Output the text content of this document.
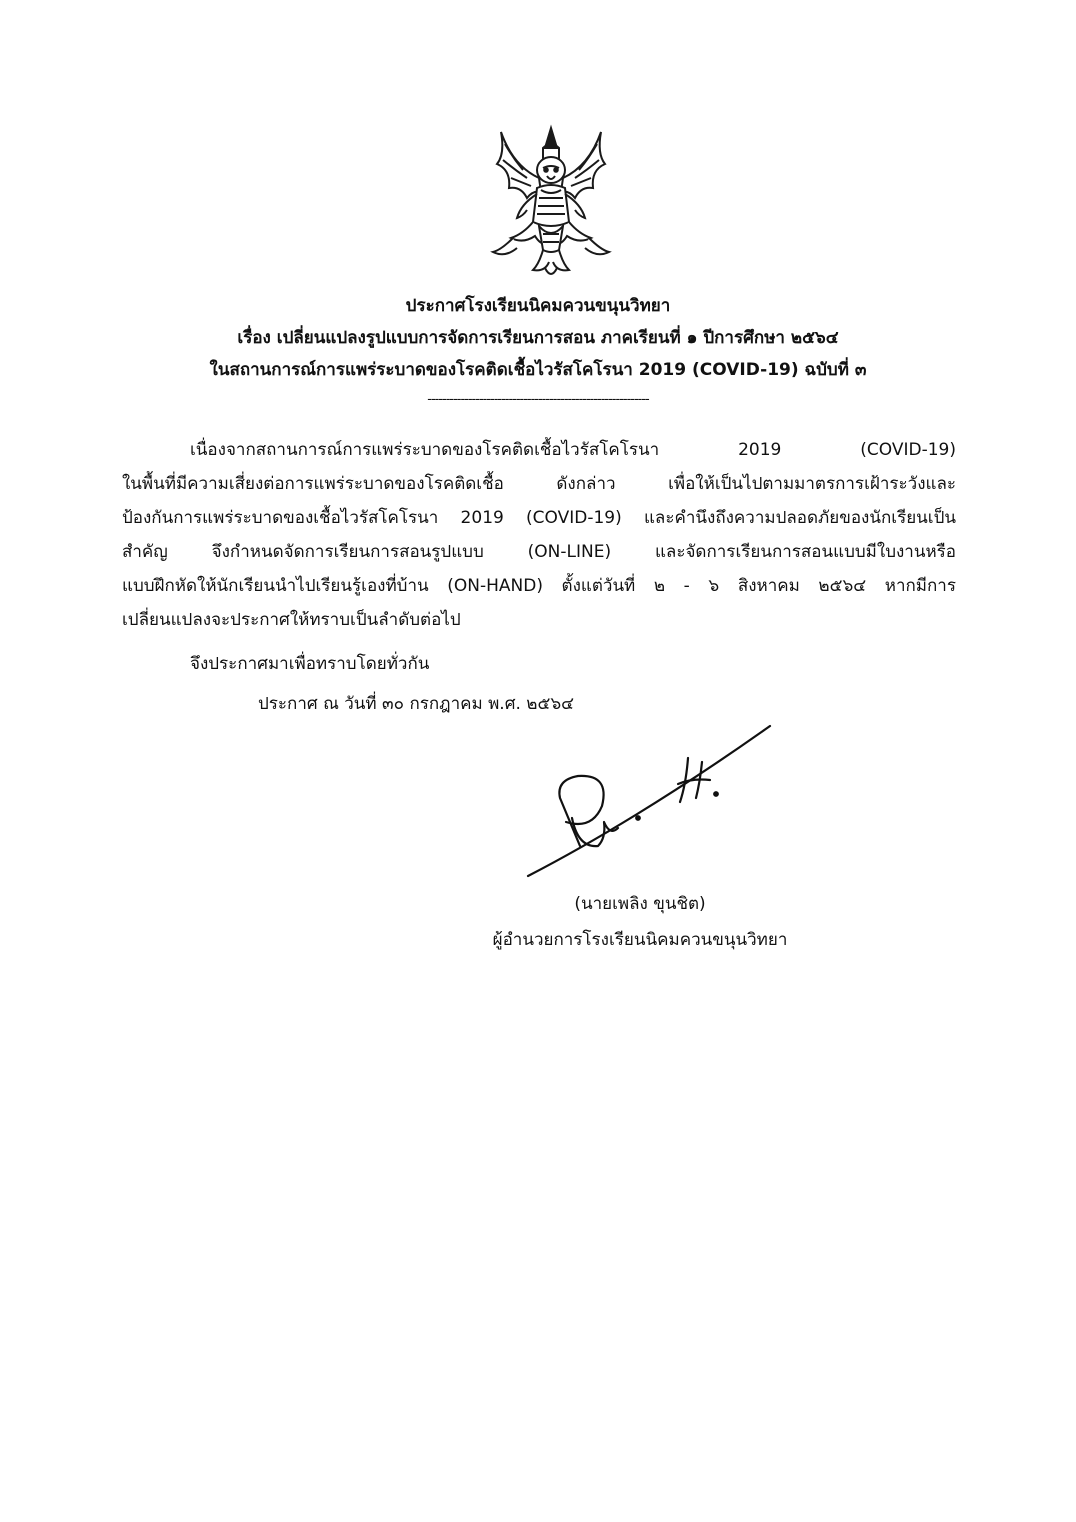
ประกาศโรงเรียนนิคมควนขนุนวิทยา
เรื่อง เปลี่ยนแปลงรูปแบบการจัดการเรียนการสอน ภาคเรียนที่ ๑ ปีการศึกษา ๒๕๖๔
ในสถานการณ์การแพร่ระบาดของโรคติดเชื้อไวรัสโคโรนา 2019 (COVID-19) ฉบับที่ ๓
------------------------------------------------------------
เนื่องจากสถานการณ์การแพร่ระบาดของโรคติดเชื้อไวรัสโคโรนา 2019 (COVID-19)
ในพื้นที่มีความเสี่ยงต่อการแพร่ระบาดของโรคติดเชื้อ ดังกล่าว เพื่อให้เป็นไปตามมาตรการเฝ้าระวังและ
ป้องกันการแพร่ระบาดของเชื้อไวรัสโคโรนา 2019 (COVID-19) และคำนึงถึงความปลอดภัยของนักเรียนเป็น
สำคัญ จึงกำหนดจัดการเรียนการสอนรูปแบบ (ON-LINE) และจัดการเรียนการสอนแบบมีใบงานหรือ
แบบฝึกหัดให้นักเรียนนำไปเรียนรู้เองที่บ้าน (ON-HAND) ตั้งแต่วันที่ ๒ - ๖ สิงหาคม ๒๕๖๔ หากมีการ
เปลี่ยนแปลงจะประกาศให้ทราบเป็นลำดับต่อไป
จึงประกาศมาเพื่อทราบโดยทั่วกัน
ประกาศ ณ วันที่ ๓๐ กรกฎาคม พ.ศ. ๒๕๖๔
(นายเพลิง ขุนชิต)
ผู้อำนวยการโรงเรียนนิคมควนขนุนวิทยา
